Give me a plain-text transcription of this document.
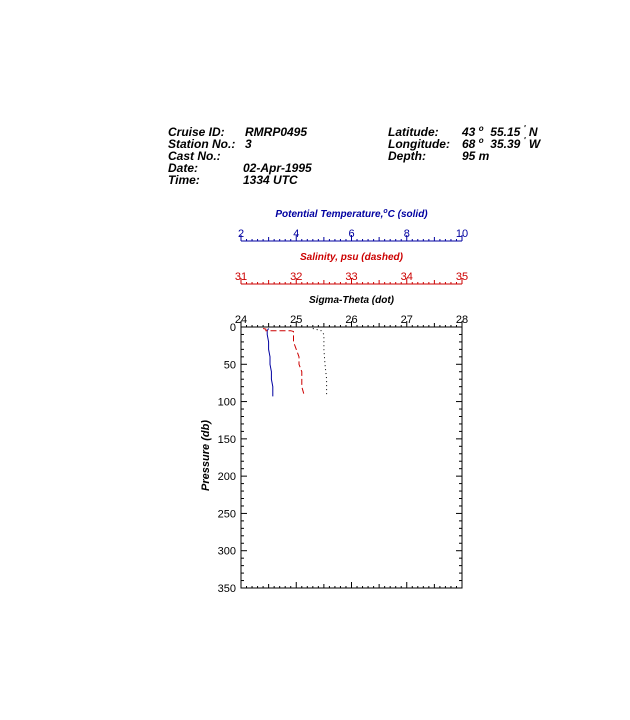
Cruise ID: RMRP0495
Station No.: 3
Cast No.:
Date:	02-Apr-1995
Time:	1334 UTC
Latitude: 43 $^o$ 55.15 ' N
Longitude: 68 $^o$ 35.39 ' W
Depth:	95 m
2	4	6	8	10
Potential Temperature,$^o$C (solid)
31	32	33	34	35
Salinity, psu (dashed)
24	25	26	27	28
Sigma-Theta (dot)
0
50
100
150
200
250
300
350
Pressure (db)
